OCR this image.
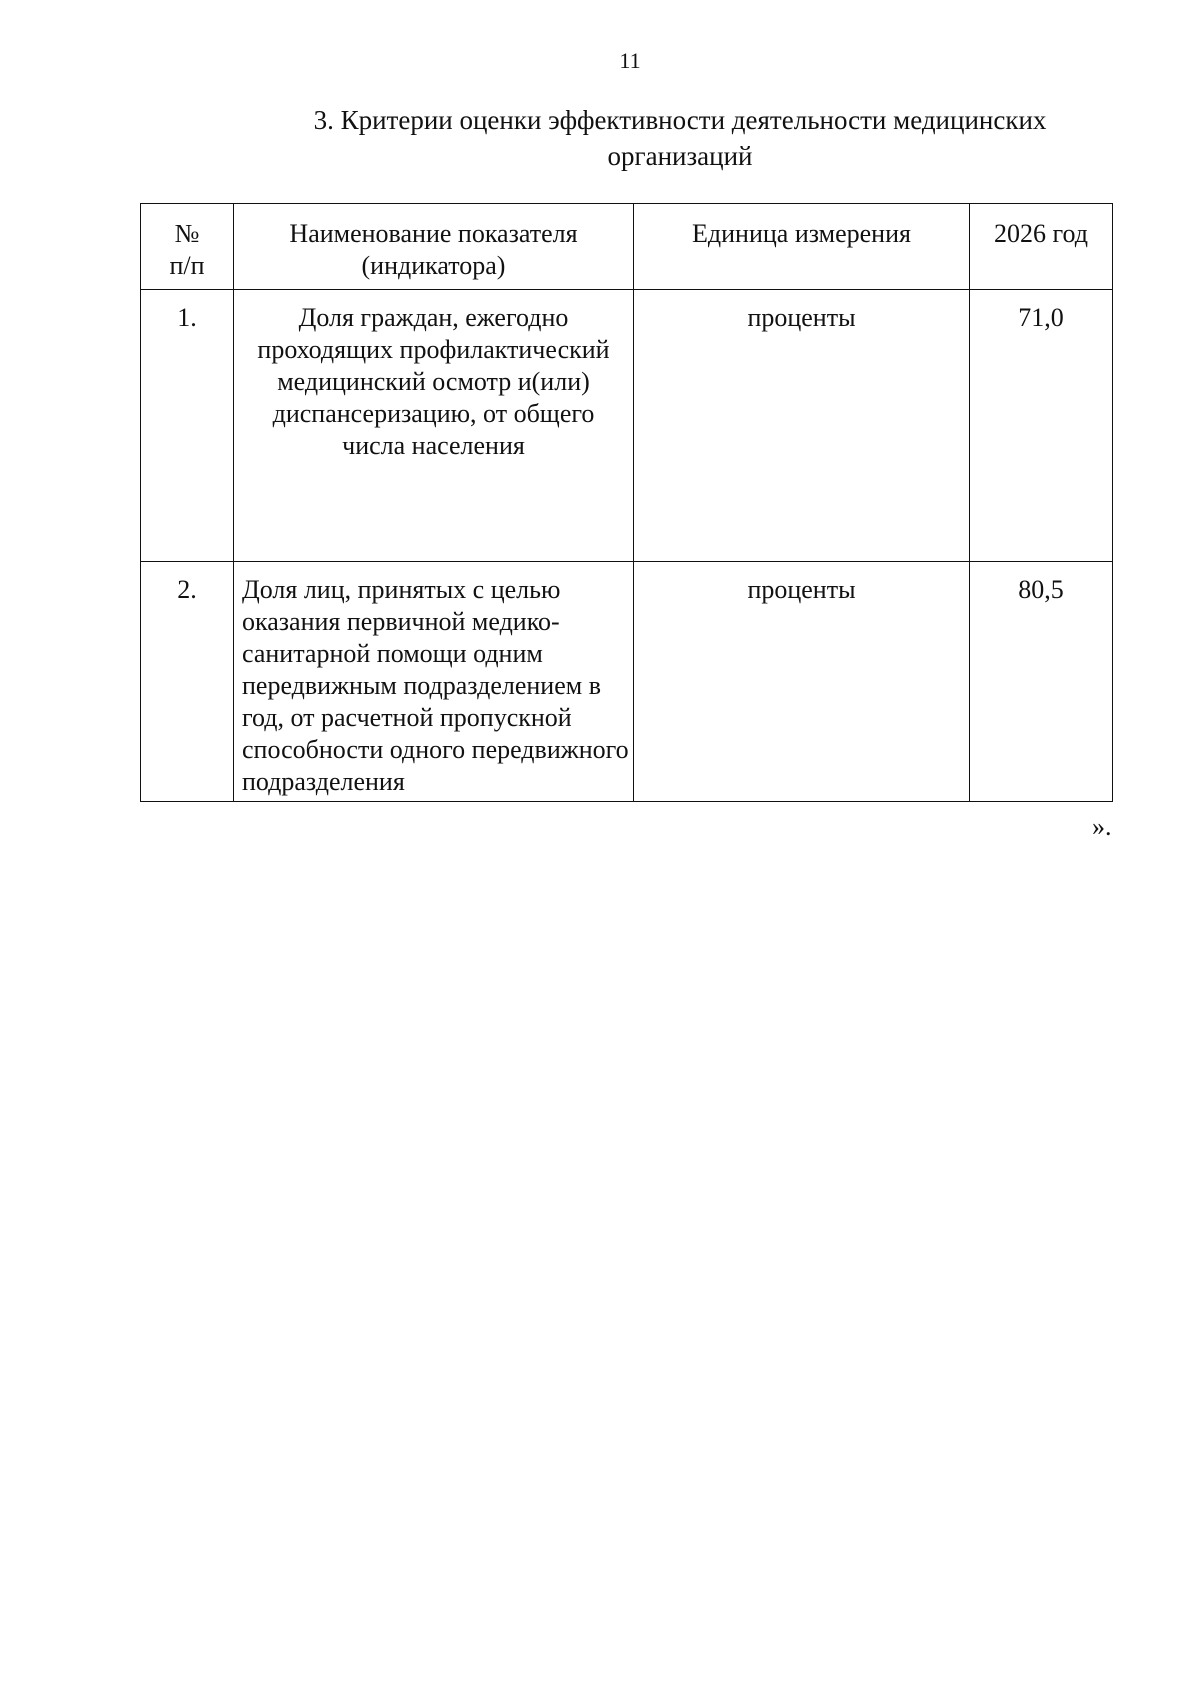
11
3. Критерии оценки эффективности деятельности медицинских организаций
№ п/п	Наименование показателя (индикатора)	Единица измерения	2026 год
1.	Доля граждан, ежегодно проходящих профилактический медицинский осмотр и(или) диспансеризацию, от общего числа населения	проценты	71,0
2.	Доля лиц, принятых с целью оказания первичной медико-санитарной помощи одним передвижным подразделением в год, от расчетной пропускной способности одного передвижного подразделения	проценты	80,5
».
